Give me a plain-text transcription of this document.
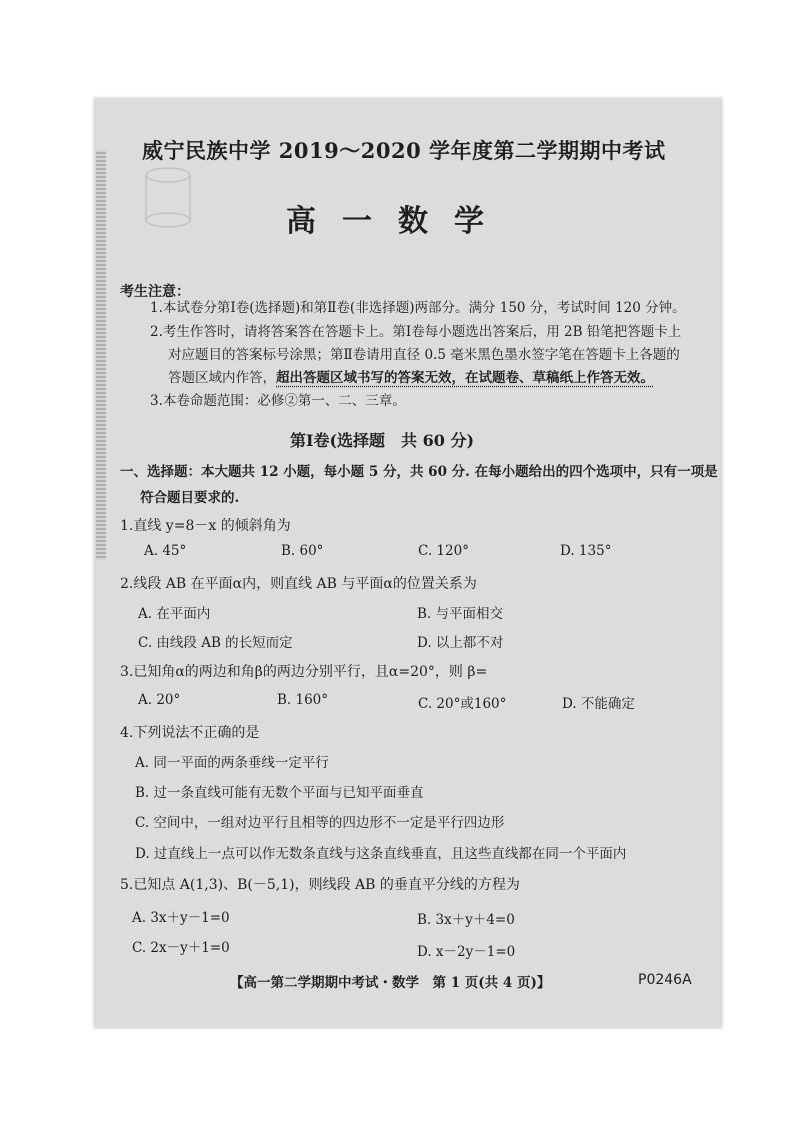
威宁民族中学 2019～2020 学年度第二学期期中考试
高一数学
考生注意：
1.本试卷分第Ⅰ卷(选择题)和第Ⅱ卷(非选择题)两部分。满分 150 分，考试时间 120 分钟。
2.考生作答时，请将答案答在答题卡上。第Ⅰ卷每小题选出答案后，用 2B 铅笔把答题卡上
对应题目的答案标号涂黑；第Ⅱ卷请用直径 0.5 毫米黑色墨水签字笔在答题卡上各题的
答题区域内作答，超出答题区域书写的答案无效，在试题卷、草稿纸上作答无效。
3.本卷命题范围：必修②第一、二、三章。
第Ⅰ卷(选择题　共 60 分)
一、选择题：本大题共 12 小题，每小题 5 分，共 60 分. 在每小题给出的四个选项中，只有一项是
符合题目要求的.
1.直线 y=8－x 的倾斜角为
A. 45°	B. 60°	C. 120°	D. 135°
2.线段 AB 在平面α内，则直线 AB 与平面α的位置关系为
A. 在平面内	B. 与平面相交
C. 由线段 AB 的长短而定	D. 以上都不对
3.已知角α的两边和角β的两边分别平行，且α=20°，则 β=
A. 20°	B. 160°	C. 20°或160°	D. 不能确定
4.下列说法不正确的是
A. 同一平面的两条垂线一定平行
B. 过一条直线可能有无数个平面与已知平面垂直
C. 空间中，一组对边平行且相等的四边形不一定是平行四边形
D. 过直线上一点可以作无数条直线与这条直线垂直，且这些直线都在同一个平面内
5.已知点 A(1,3)、B(－5,1)，则线段 AB 的垂直平分线的方程为
A. 3x＋y－1=0	B. 3x＋y＋4=0
C. 2x－y＋1=0	D. x－2y－1=0
【高一第二学期期中考试・数学　第 1 页(共 4 页)】	P0246A
